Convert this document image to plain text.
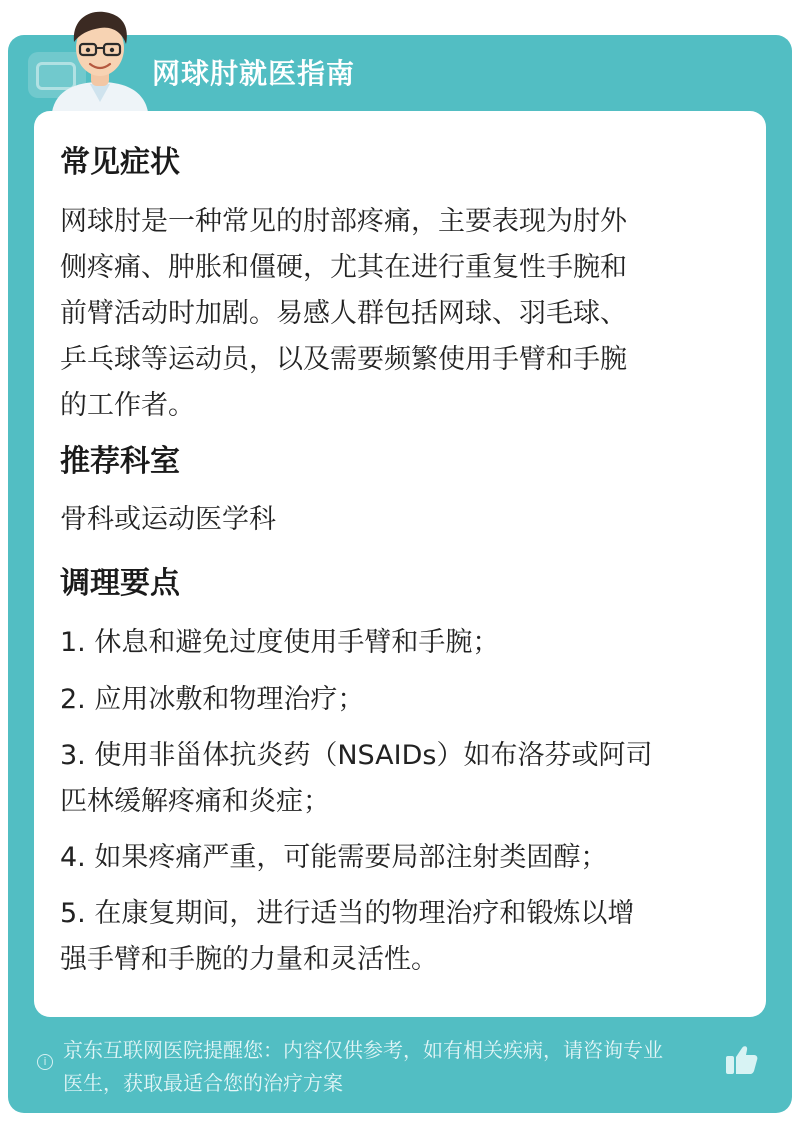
网球肘就医指南
常见症状
网球肘是一种常见的肘部疼痛，主要表现为肘外
侧疼痛、肿胀和僵硬，尤其在进行重复性手腕和
前臂活动时加剧。易感人群包括网球、羽毛球、
乒乓球等运动员，以及需要频繁使用手臂和手腕
的工作者。
推荐科室
骨科或运动医学科
调理要点
1. 休息和避免过度使用手臂和手腕；
2. 应用冰敷和物理治疗；
3. 使用非甾体抗炎药（NSAIDs）如布洛芬或阿司
匹林缓解疼痛和炎症；
4. 如果疼痛严重，可能需要局部注射类固醇；
5. 在康复期间，进行适当的物理治疗和锻炼以增
强手臂和手腕的力量和灵活性。
i 京东互联网医院提醒您：内容仅供参考，如有相关疾病，请咨询专业
医生，获取最适合您的治疗方案
